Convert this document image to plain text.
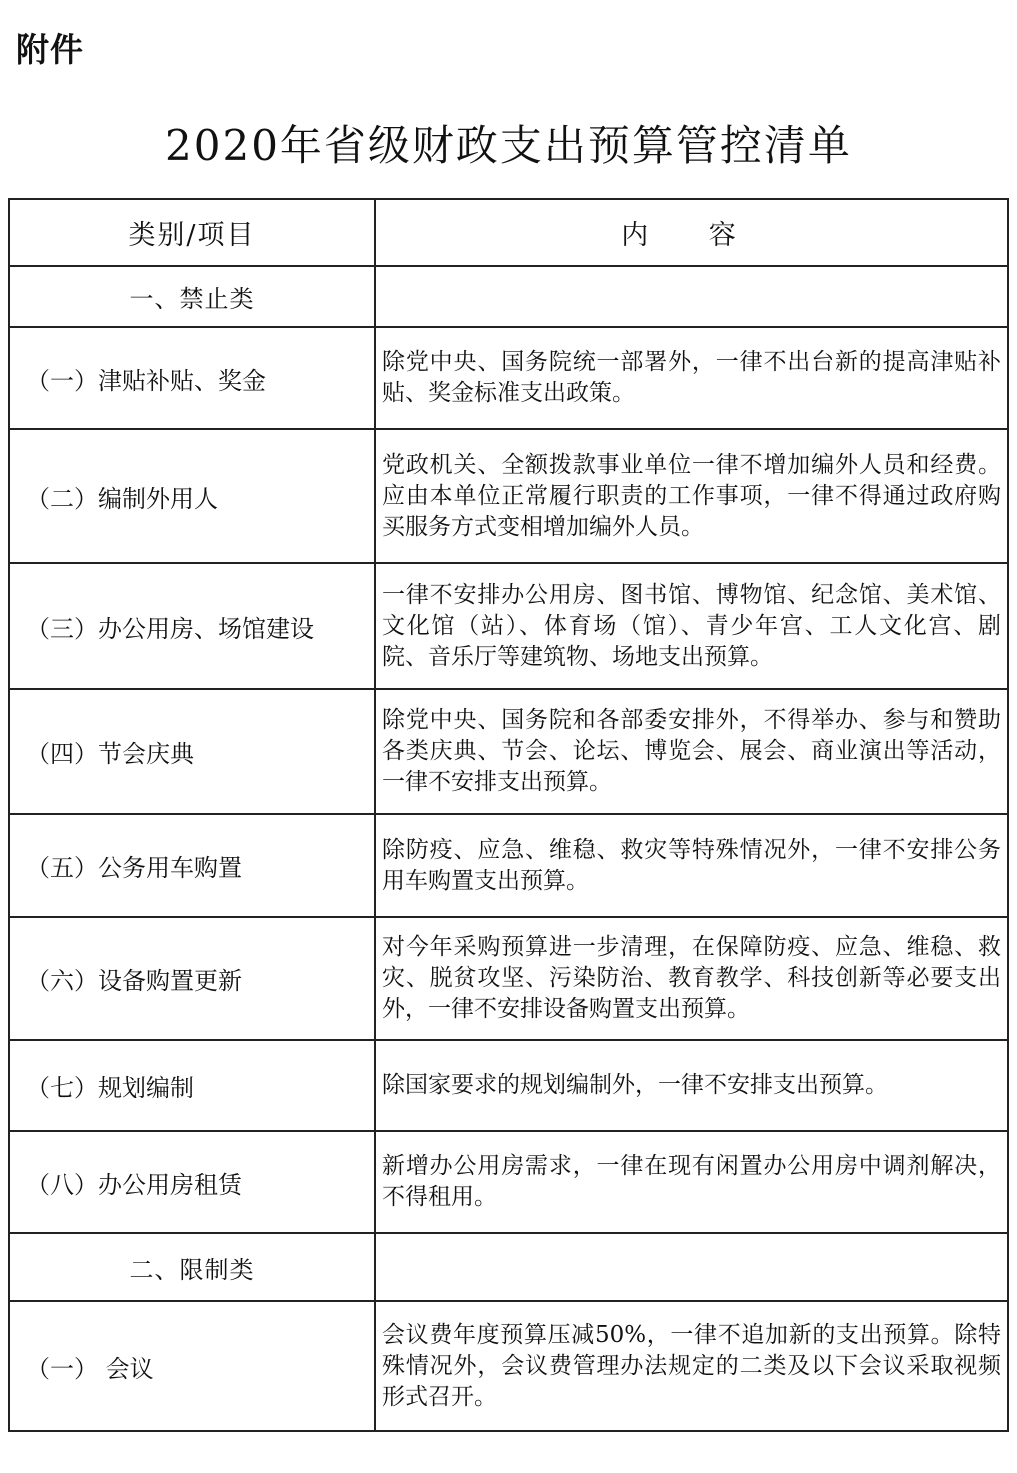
附件
2020年省级财政支出预算管控清单
类别/项目	内 容
一、禁止类	
（一）津贴补贴、奖金	除党中央、国务院统一部署外，一律不出台新的提高津贴补贴、奖金标准支出政策。
（二）编制外用人	党政机关、全额拨款事业单位一律不增加编外人员和经费。应由本单位正常履行职责的工作事项，一律不得通过政府购买服务方式变相增加编外人员。
（三）办公用房、场馆建设	一律不安排办公用房、图书馆、博物馆、纪念馆、美术馆、文化馆（站）、体育场（馆）、青少年宫、工人文化宫、剧院、音乐厅等建筑物、场地支出预算。
（四）节会庆典	除党中央、国务院和各部委安排外，不得举办、参与和赞助各类庆典、节会、论坛、博览会、展会、商业演出等活动，一律不安排支出预算。
（五）公务用车购置	除防疫、应急、维稳、救灾等特殊情况外，一律不安排公务用车购置支出预算。
（六）设备购置更新	对今年采购预算进一步清理，在保障防疫、应急、维稳、救灾、脱贫攻坚、污染防治、教育教学、科技创新等必要支出外，一律不安排设备购置支出预算。
（七）规划编制	除国家要求的规划编制外，一律不安排支出预算。
（八）办公用房租赁	新增办公用房需求，一律在现有闲置办公用房中调剂解决，不得租用。
二、限制类	
（一） 会议	会议费年度预算压减50%，一律不追加新的支出预算。除特殊情况外，会议费管理办法规定的二类及以下会议采取视频形式召开。
